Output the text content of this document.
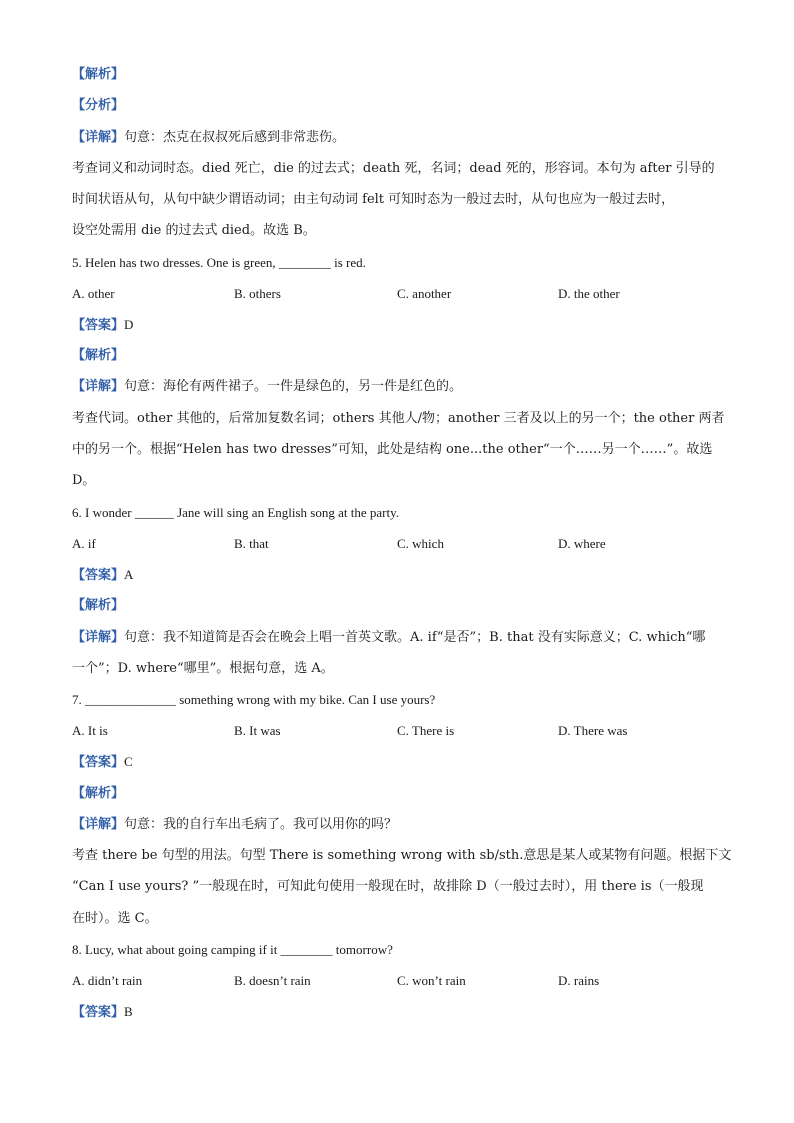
【解析】
【分析】
【详解】句意：杰克在叔叔死后感到非常悲伤。
考查词义和动词时态。died 死亡，die 的过去式；death 死，名词；dead 死的，形容词。本句为 after 引导的
时间状语从句，从句中缺少谓语动词；由主句动词 felt 可知时态为一般过去时，从句也应为一般过去时，
设空处需用 die 的过去式 died。故选 B。
5. Helen has two dresses. One is green, ________ is red.
A. other	B. others	C. another	D. the other
【答案】D
【解析】
【详解】句意：海伦有两件裙子。一件是绿色的，另一件是红色的。
考查代词。other 其他的，后常加复数名词；others 其他人/物；another 三者及以上的另一个；the other 两者
中的另一个。根据“Helen has two dresses”可知，此处是结构 one...the other“一个……另一个……”。故选
D。
6. I wonder ______ Jane will sing an English song at the party.
A. if	B. that	C. which	D. where
【答案】A
【解析】
【详解】句意：我不知道简是否会在晚会上唱一首英文歌。A. if“是否”；B. that 没有实际意义；C. which“哪
一个”；D. where“哪里”。根据句意，选 A。
7. ______________ something wrong with my bike. Can I use yours?
A. It is	B. It was	C. There is	D. There was
【答案】C
【解析】
【详解】句意：我的自行车出毛病了。我可以用你的吗？
考查 there be 句型的用法。句型 There is something wrong with sb/sth.意思是某人或某物有问题。根据下文
“Can I use yours? ”一般现在时，可知此句使用一般现在时，故排除 D（一般过去时），用 there is（一般现
在时）。选 C。
8. Lucy, what about going camping if it ________ tomorrow?
A. didn’t rain	B. doesn’t rain	C. won’t rain	D. rains
【答案】B
